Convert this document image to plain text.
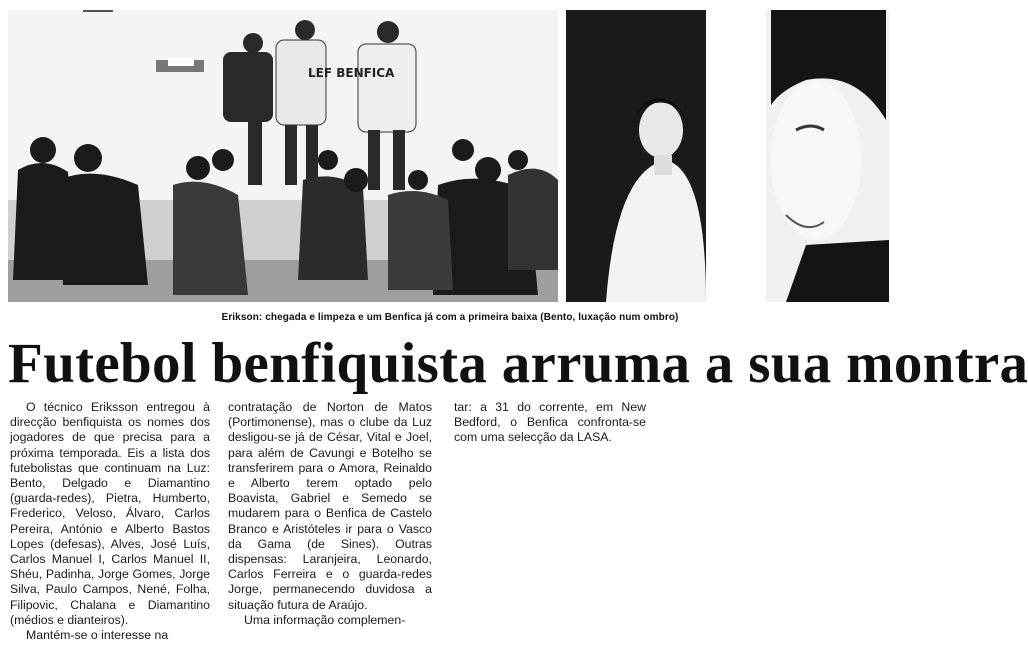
LEF BENFICA
Erikson: chegada e limpeza e um Benfica já com a primeira baixa (Bento, luxação num ombro)
Futebol benfiquista arruma a sua montra

O técnico Eriksson entregou à direcção benfiquista os nomes dos jogadores de que precisa para a próxima temporada. Eis a lista dos futebolistas que continuam na Luz: Bento, Delgado e Diamantino (guarda-redes), Pietra, Humberto, Frederico, Veloso, Álvaro, Carlos Pereira, António e Alberto Bastos Lopes (defesas), Alves, José Luís, Carlos Manuel I, Carlos Manuel II, Shéu, Padinha, Jorge Gomes, Jorge Silva, Paulo Campos, Nené, Folha, Filipovic, Chalana e Diamantino (médios e dianteiros).

Mantém-se o interesse na

contratação de Norton de Matos (Portimonense), mas o clube da Luz desligou-se já de César, Vital e Joel, para além de Cavungi e Botelho se transferirem para o Amora, Reinaldo e Alberto terem optado pelo Boavista, Gabriel e Semedo se mudarem para o Benfica de Castelo Branco e Aristóteles ir para o Vasco da Gama (de Sines). Outras dispensas: Laranjeira, Leonardo, Carlos Ferreira e o guarda-redes Jorge, permanecendo duvidosa a situação futura de Araújo.

Uma informação complemen-

tar: a 31 do corrente, em New Bedford, o Benfica confronta-se com uma selecção da LASA.
